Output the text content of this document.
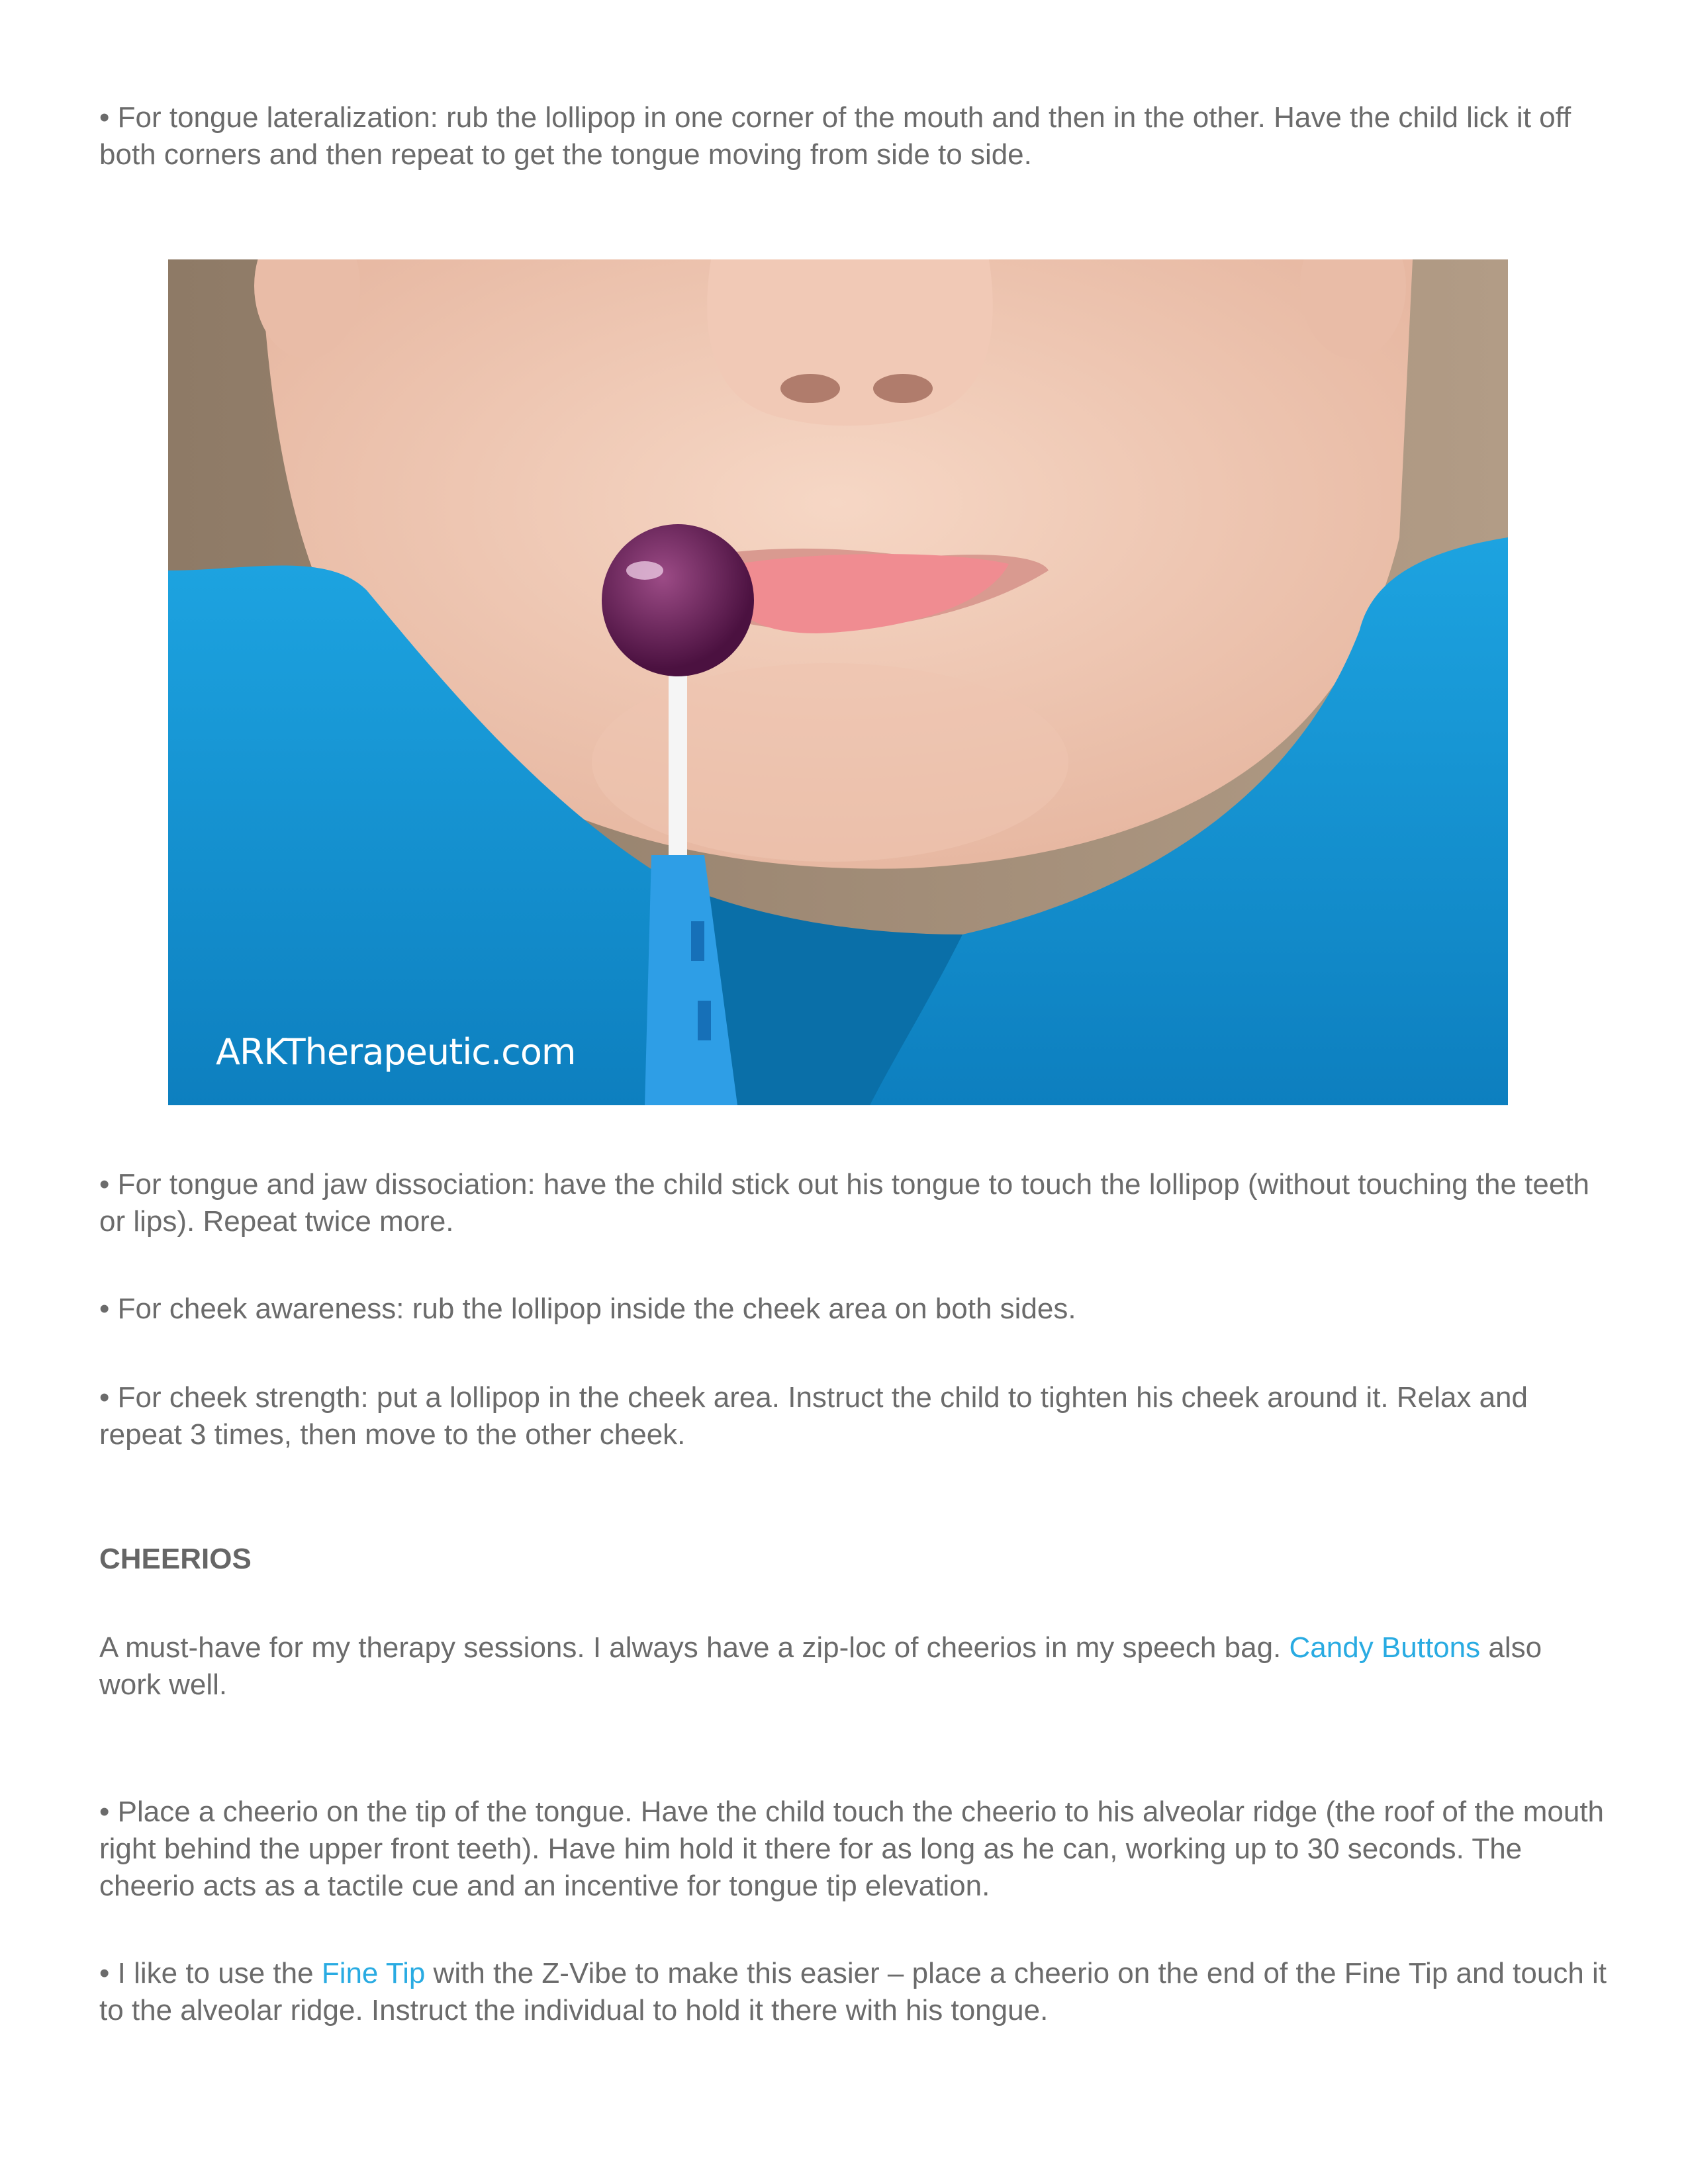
• For tongue lateralization: rub the lollipop in one corner of the mouth and then in the other. Have the child lick it off both corners and then repeat to get the tongue moving from side to side.

ARKTherapeutic.com

• For tongue and jaw dissociation: have the child stick out his tongue to touch the lollipop (without touching the teeth or lips). Repeat twice more.

• For cheek awareness: rub the lollipop inside the cheek area on both sides.

• For cheek strength: put a lollipop in the cheek area. Instruct the child to tighten his cheek around it. Relax and repeat 3 times, then move to the other cheek.

CHEERIOS

A must-have for my therapy sessions. I always have a zip-loc of cheerios in my speech bag. Candy Buttons also work well.

• Place a cheerio on the tip of the tongue. Have the child touch the cheerio to his alveolar ridge (the roof of the mouth right behind the upper front teeth). Have him hold it there for as long as he can, working up to 30 seconds. The cheerio acts as a tactile cue and an incentive for tongue tip elevation.

• I like to use the Fine Tip with the Z-Vibe to make this easier – place a cheerio on the end of the Fine Tip and touch it to the alveolar ridge. Instruct the individual to hold it there with his tongue.
